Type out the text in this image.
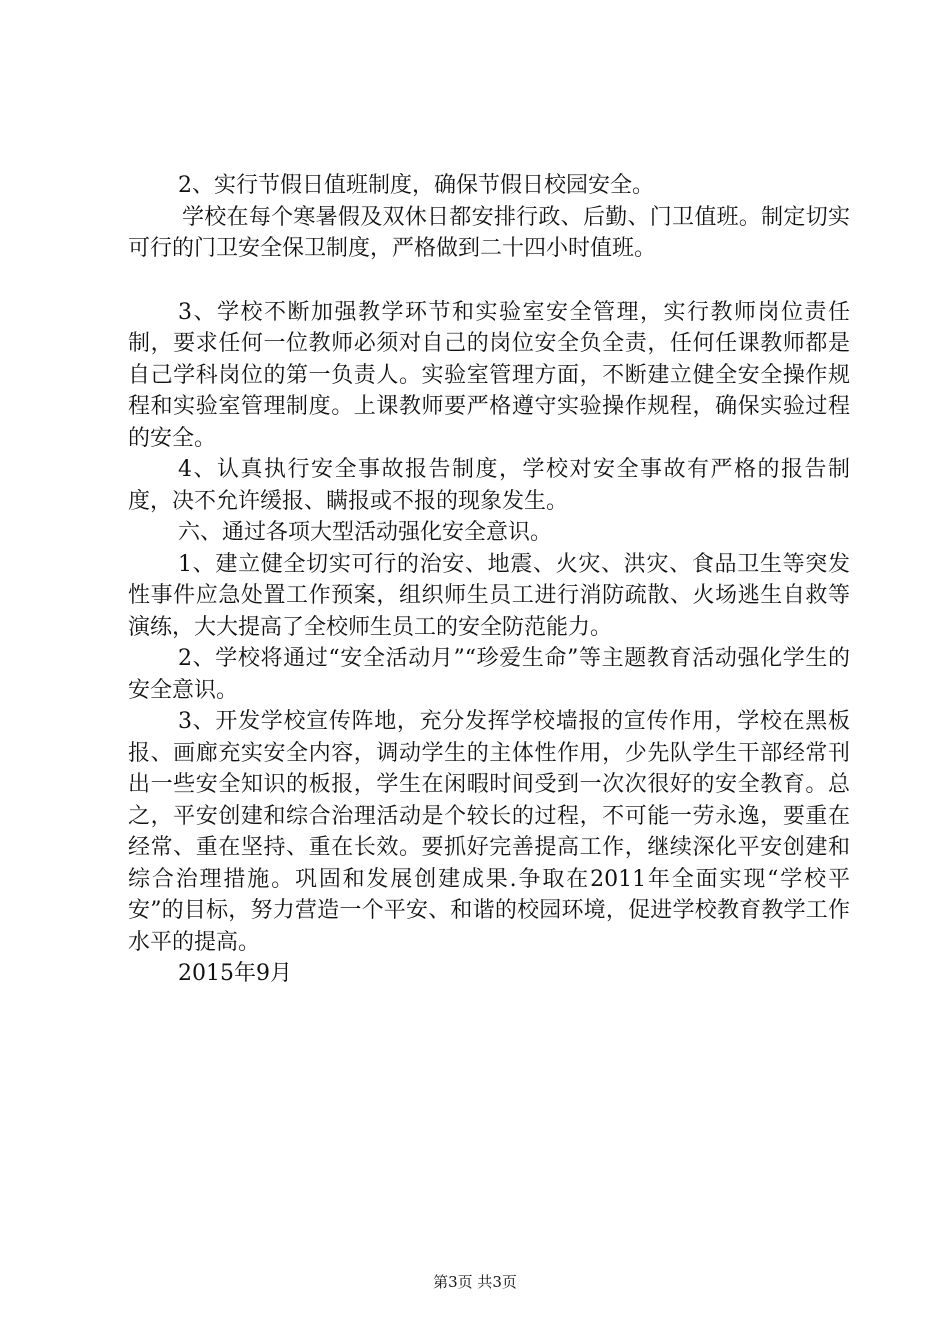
2、实行节假日值班制度，确保节假日校园安全。

学校在每个寒暑假及双休日都安排行政、后勤、门卫值班。制定切实可行的门卫安全保卫制度，严格做到二十四小时值班。

3、学校不断加强教学环节和实验室安全管理，实行教师岗位责任制，要求任何一位教师必须对自己的岗位安全负全责，任何任课教师都是自己学科岗位的第一负责人。实验室管理方面，不断建立健全安全操作规程和实验室管理制度。上课教师要严格遵守实验操作规程，确保实验过程的安全。

4、认真执行安全事故报告制度，学校对安全事故有严格的报告制度，决不允许缓报、瞒报或不报的现象发生。

六、通过各项大型活动强化安全意识。

1、建立健全切实可行的治安、地震、火灾、洪灾、食品卫生等突发性事件应急处置工作预案，组织师生员工进行消防疏散、火场逃生自救等演练，大大提高了全校师生员工的安全防范能力。

2、学校将通过“安全活动月”“珍爱生命”等主题教育活动强化学生的安全意识。

3、开发学校宣传阵地，充分发挥学校墙报的宣传作用，学校在黑板报、画廊充实安全内容，调动学生的主体性作用，少先队学生干部经常刊出一些安全知识的板报，学生在闲暇时间受到一次次很好的安全教育。总之，平安创建和综合治理活动是个较长的过程，不可能一劳永逸，要重在经常、重在坚持、重在长效。要抓好完善提高工作，继续深化平安创建和综合治理措施。巩固和发展创建成果.争取在2011年全面实现“学校平安”的目标，努力营造一个平安、和谐的校园环境，促进学校教育教学工作水平的提高。

2015年9月

第3页 共3页
